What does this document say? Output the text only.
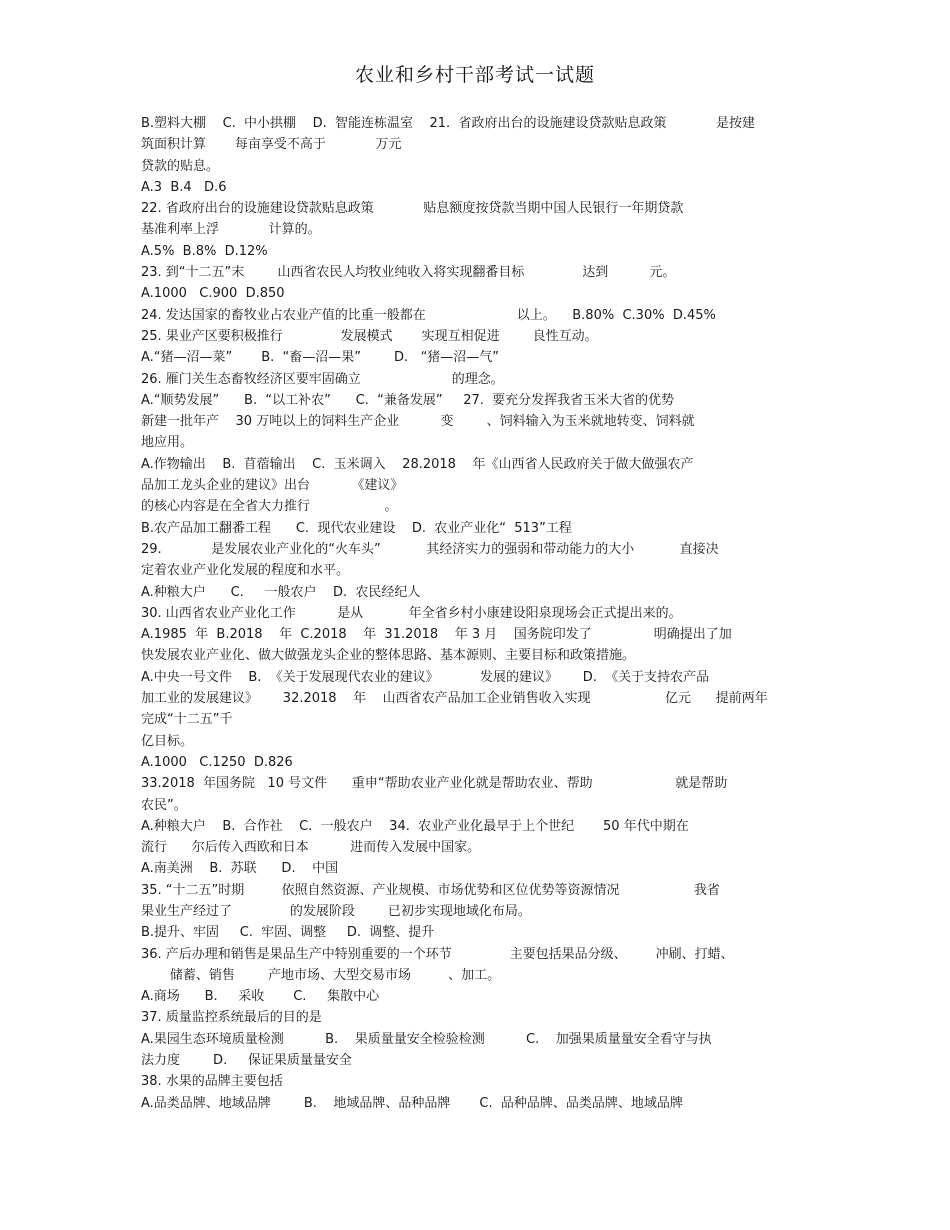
农业和乡村干部考试一试题
B.塑料大棚    C.  中小拱棚    D.  智能连栋温室    21.  省政府出台的设施建设贷款贴息政策            是按建
筑面积计算       每亩享受不高于            万元
贷款的贴息。
A.3  B.4   D.6
22. 省政府出台的设施建设贷款贴息政策            贴息额度按贷款当期中国人民银行一年期贷款
基准利率上浮            计算的。
A.5%  B.8%  D.12%
23. 到“十二五”末        山西省农民人均牧业纯收入将实现翻番目标              达到          元。
A.1000   C.900  D.850
24. 发达国家的畜牧业占农业产值的比重一般都在                      以上。    B.80%  C.30%  D.45%
25. 果业产区要积极推行              发展模式       实现互相促进        良性互动。
A.“猪—沼—菜”       B.  “畜—沼—果”        D.   “猪—沼—气”
26. 雁门关生态畜牧经济区要牢固确立                      的理念。
A.“顺势发展”      B.  “以工补农”      C.  “兼备发展”     27.  要充分发挥我省玉米大省的优势
新建一批年产    30 万吨以上的饲料生产企业          变        、饲料输入为玉米就地转变、饲料就
地应用。
A.作物输出    B.  苜蓿输出    C.  玉米调入    28.2018    年《山西省人民政府关于做大做强农产
品加工龙头企业的建议》出台          《建议》
的核心内容是在全省大力推行                  。
B.农产品加工翻番工程      C.  现代农业建设    D.  农业产业化“  513”工程
29.            是发展农业产业化的“火车头”           其经济实力的强弱和带动能力的大小           直接决
定着农业产业化发展的程度和水平。
A.种粮大户      C.     一般农户    D.  农民经纪人
30. 山西省农业产业化工作          是从           年全省乡村小康建设阳泉现场会正式提出来的。
A.1985  年  B.2018    年  C.2018    年  31.2018    年 3 月    国务院印发了               明确提出了加
快发展农业产业化、做大做强龙头企业的整体思路、基本源则、主要目标和政策措施。
A.中央一号文件    B.  《关于发展现代农业的建议》          发展的建议》      D.  《关于支持农产品
加工业的发展建议》      32.2018    年    山西省农产品加工企业销售收入实现                  亿元      提前两年
完成“十二五”千
亿目标。
A.1000   C.1250  D.826
33.2018  年国务院   10 号文件      重申“帮助农业产业化就是帮助农业、帮助                    就是帮助
农民”。
A.种粮大户    B.  合作社    C.  一般农户    34.  农业产业化最早于上个世纪       50 年代中期在
流行      尔后传入西欧和日本          进而传入发展中国家。
A.南美洲    B.  苏联      D.    中国
35. “十二五”时期         依照自然资源、产业规模、市场优势和区位优势等资源情况                  我省
果业生产经过了              的发展阶段        已初步实现地域化布局。
B.提升、牢固     C.  牢固、调整     D.  调整、提升
36. 产后办理和销售是果品生产中特别重要的一个环节              主要包括果品分级、       冲刷、打蜡、
储蓄、销售        产地市场、大型交易市场         、加工。
A.商场      B.     采收       C.     集散中心
37. 质量监控系统最后的目的是
A.果园生态环境质量检测          B.    果质量量安全检验检测          C.    加强果质量量安全看守与执
法力度        D.     保证果质量量安全
38. 水果的品牌主要包括
A.品类品牌、地域品牌        B.    地域品牌、品种品牌       C.  品种品牌、品类品牌、地域品牌
